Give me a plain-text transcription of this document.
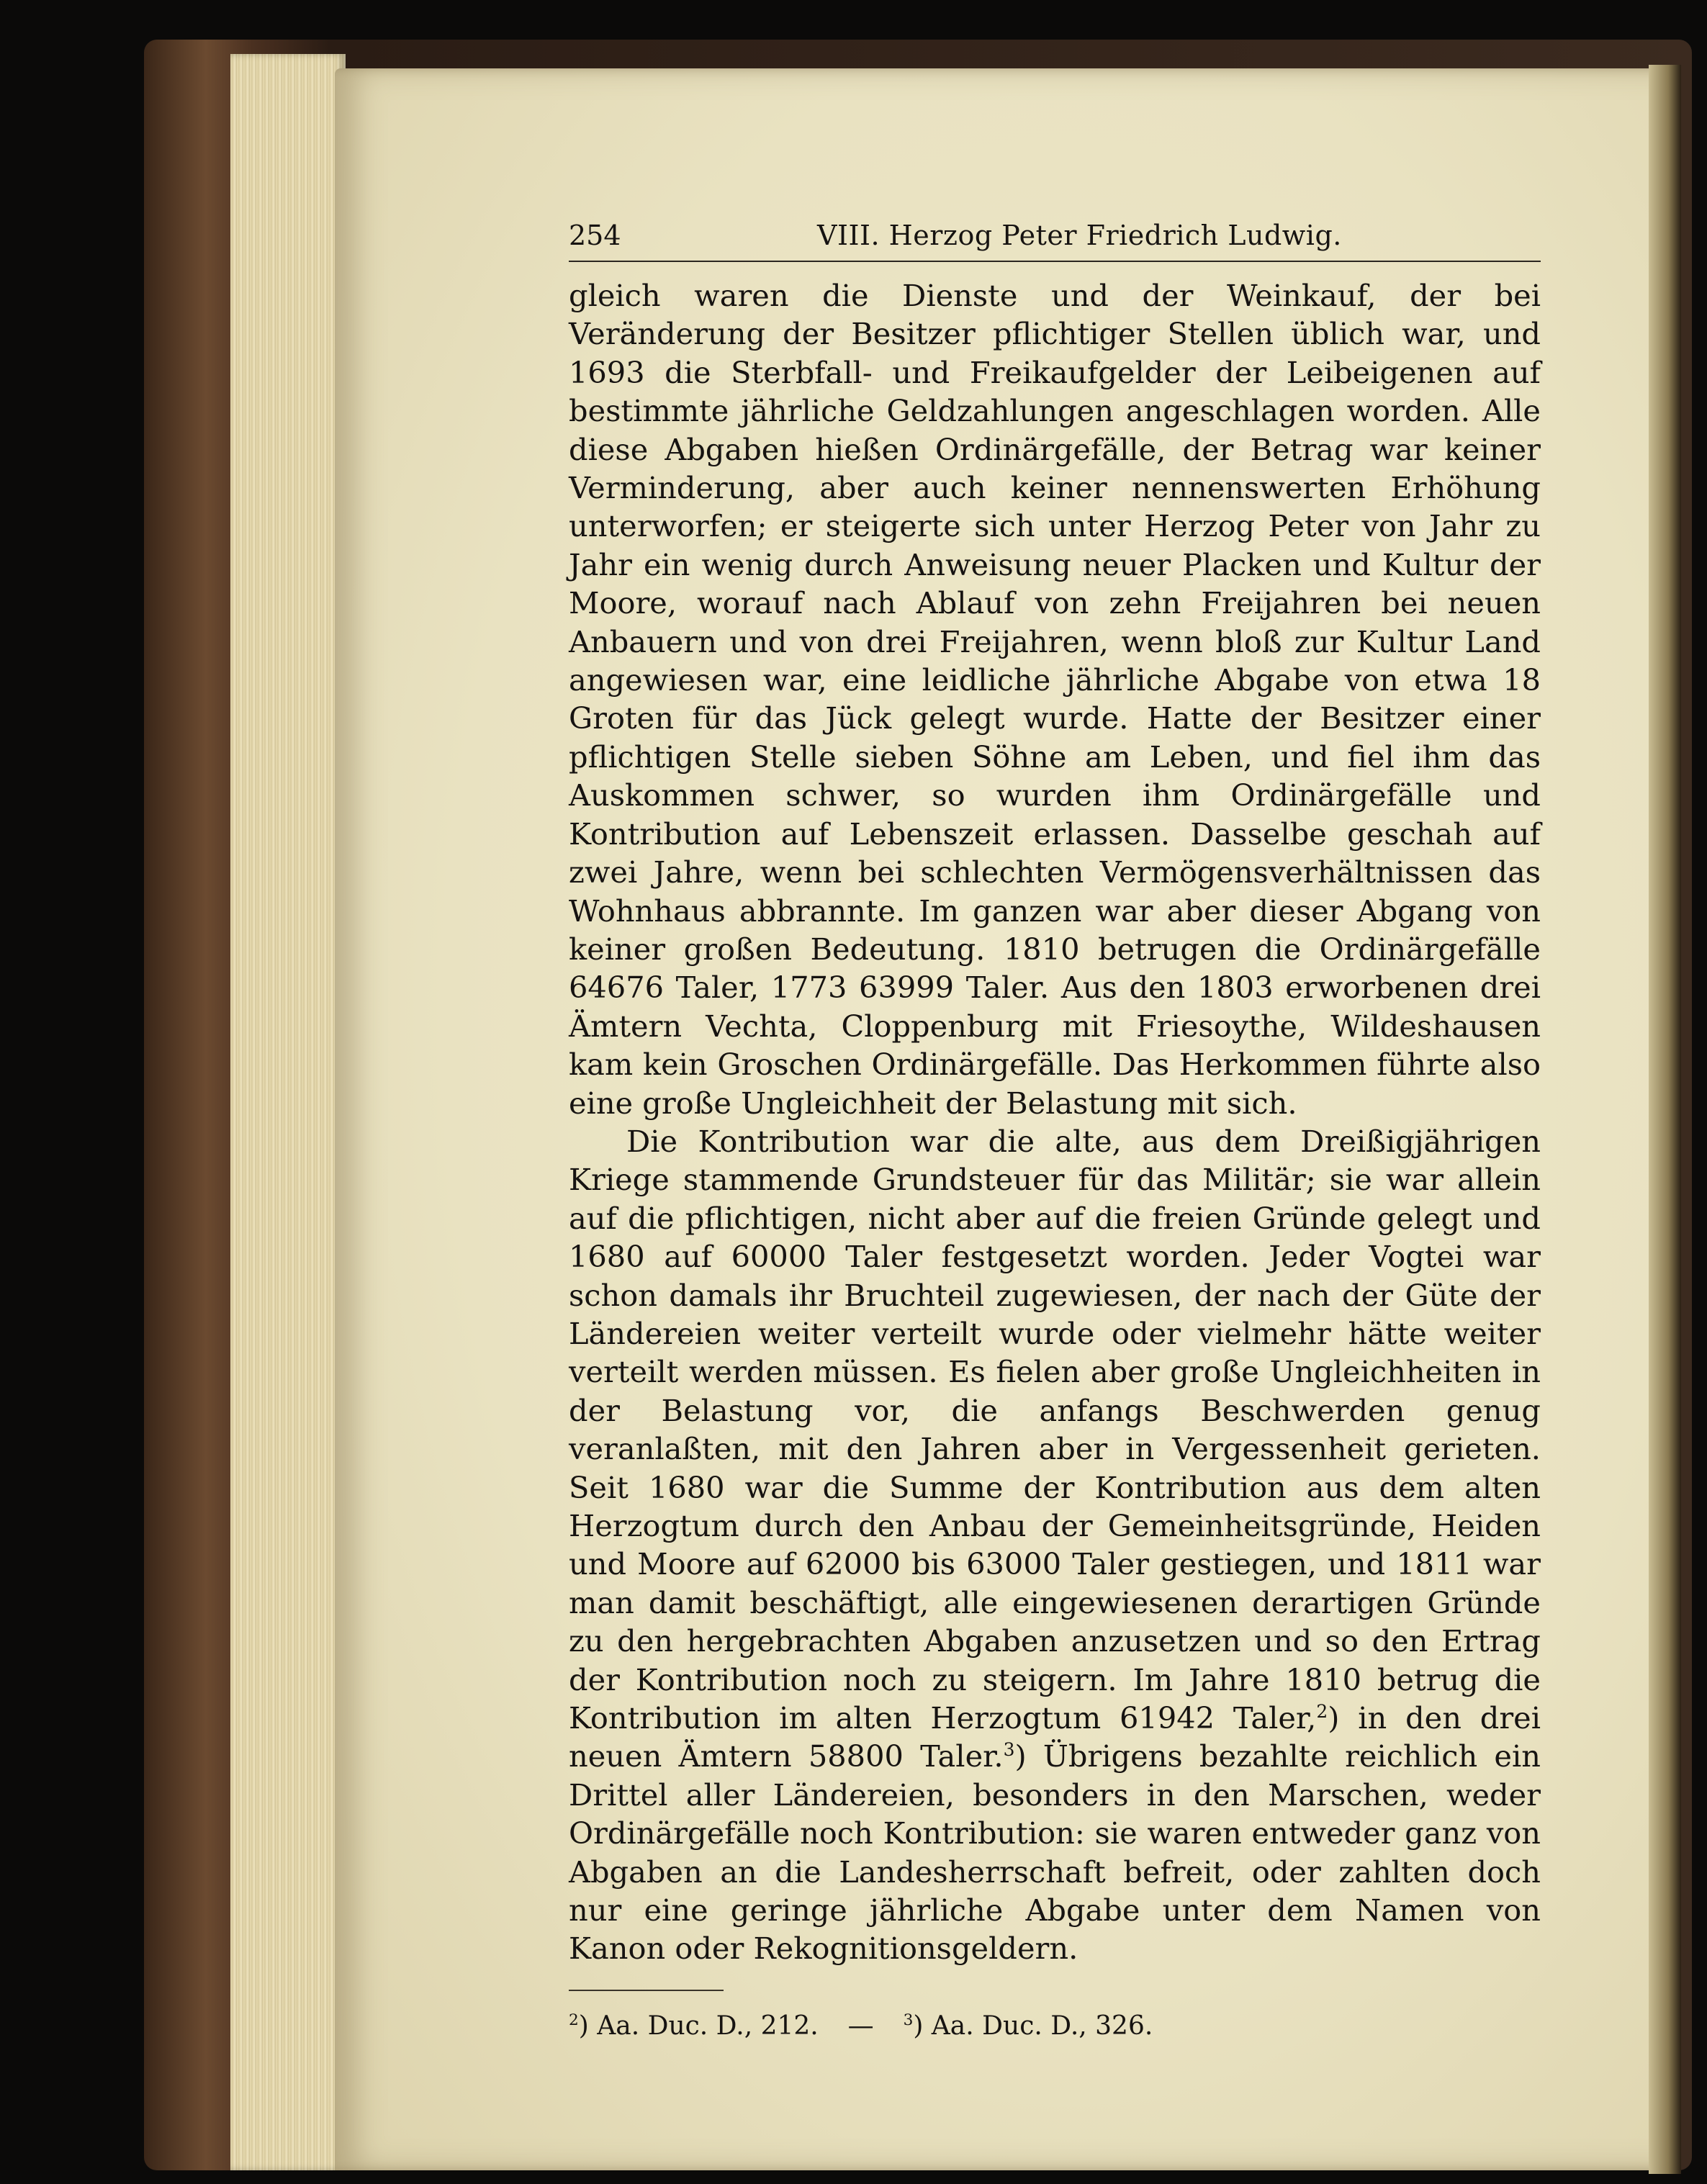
254	VIII. Herzog Peter Friedrich Ludwig.

gleich waren die Dienste und der Weinkauf, der bei Veränderung der Besitzer pflichtiger Stellen üblich war, und 1693 die Sterbfall- und Freikaufgelder der Leibeigenen auf bestimmte jährliche Geldzahlungen angeschlagen worden. Alle diese Abgaben hießen Ordinärgefälle, der Betrag war keiner Verminderung, aber auch keiner nennenswerten Erhöhung unterworfen; er steigerte sich unter Herzog Peter von Jahr zu Jahr ein wenig durch Anweisung neuer Placken und Kultur der Moore, worauf nach Ablauf von zehn Freijahren bei neuen Anbauern und von drei Freijahren, wenn bloß zur Kultur Land angewiesen war, eine leidliche jährliche Abgabe von etwa 18 Groten für das Jück gelegt wurde. Hatte der Besitzer einer pflichtigen Stelle sieben Söhne am Leben, und fiel ihm das Auskommen schwer, so wurden ihm Ordinärgefälle und Kontribution auf Lebenszeit erlassen. Dasselbe geschah auf zwei Jahre, wenn bei schlechten Vermögensverhältnissen das Wohnhaus abbrannte. Im ganzen war aber dieser Abgang von keiner großen Bedeutung. 1810 betrugen die Ordinärgefälle 64676 Taler, 1773 63999 Taler. Aus den 1803 erworbenen drei Ämtern Vechta, Cloppenburg mit Friesoythe, Wildeshausen kam kein Groschen Ordinärgefälle. Das Herkommen führte also eine große Ungleichheit der Belastung mit sich.

Die Kontribution war die alte, aus dem Dreißigjährigen Kriege stammende Grundsteuer für das Militär; sie war allein auf die pflichtigen, nicht aber auf die freien Gründe gelegt und 1680 auf 60000 Taler festgesetzt worden. Jeder Vogtei war schon damals ihr Bruchteil zugewiesen, der nach der Güte der Ländereien weiter verteilt wurde oder vielmehr hätte weiter verteilt werden müssen. Es fielen aber große Ungleichheiten in der Belastung vor, die anfangs Beschwerden genug veranlaßten, mit den Jahren aber in Vergessenheit gerieten. Seit 1680 war die Summe der Kontribution aus dem alten Herzogtum durch den Anbau der Gemeinheitsgründe, Heiden und Moore auf 62000 bis 63000 Taler gestiegen, und 1811 war man damit beschäftigt, alle eingewiesenen derartigen Gründe zu den hergebrachten Abgaben anzusetzen und so den Ertrag der Kontribution noch zu steigern. Im Jahre 1810 betrug die Kontribution im alten Herzogtum 61942 Taler,$^2$) in den drei neuen Ämtern 58800 Taler.$^3$) Übrigens bezahlte reichlich ein Drittel aller Ländereien, besonders in den Marschen, weder Ordinärgefälle noch Kontribution: sie waren entweder ganz von Abgaben an die Landesherrschaft befreit, oder zahlten doch nur eine geringe jährliche Abgabe unter dem Namen von Kanon oder Rekognitionsgeldern.

$^2$) Aa. Duc. D., 212. — $^3$) Aa. Duc. D., 326.
